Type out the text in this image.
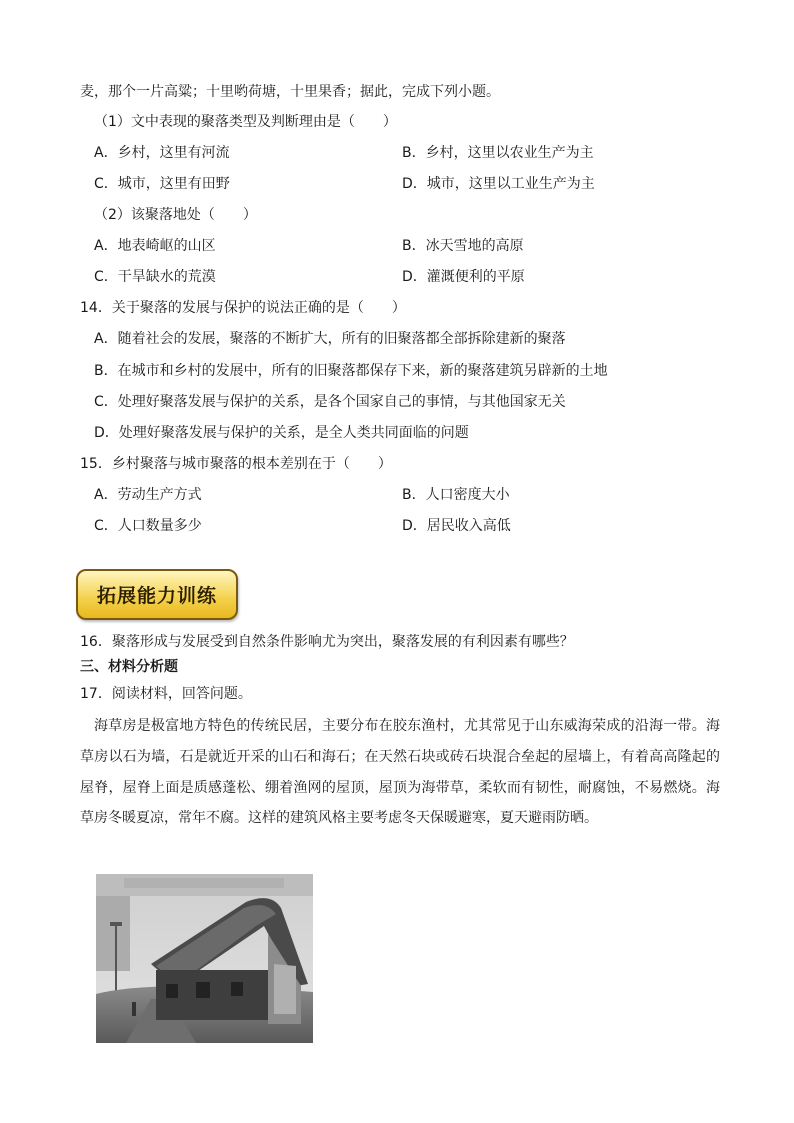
麦，那个一片高粱；十里哟荷塘，十里果香；据此，完成下列小题。
（1）文中表现的聚落类型及判断理由是（　　）
A．乡村，这里有河流	B．乡村，这里以农业生产为主
C．城市，这里有田野	D．城市，这里以工业生产为主
（2）该聚落地处（　　）
A．地表崎岖的山区	B．冰天雪地的高原
C．干旱缺水的荒漠	D．灌溉便利的平原
14．关于聚落的发展与保护的说法正确的是（　　）
A．随着社会的发展，聚落的不断扩大，所有的旧聚落都全部拆除建新的聚落
B．在城市和乡村的发展中，所有的旧聚落都保存下来，新的聚落建筑另辟新的土地
C．处理好聚落发展与保护的关系，是各个国家自己的事情，与其他国家无关
D．处理好聚落发展与保护的关系，是全人类共同面临的问题
15．乡村聚落与城市聚落的根本差别在于（　　）
A．劳动生产方式	B．人口密度大小
C．人口数量多少	D．居民收入高低
拓展能力训练
16．聚落形成与发展受到自然条件影响尤为突出，聚落发展的有利因素有哪些？
三、材料分析题
17．阅读材料，回答问题。
海草房是极富地方特色的传统民居，主要分布在胶东渔村，尤其常见于山东威海荣成的沿海一带。海草房以石为墙，石是就近开采的山石和海石；在天然石块或砖石块混合垒起的屋墙上，有着高高隆起的屋脊，屋脊上面是质感蓬松、绷着渔网的屋顶，屋顶为海带草，柔软而有韧性，耐腐蚀，不易燃烧。海草房冬暖夏凉，常年不腐。这样的建筑风格主要考虑冬天保暖避寒，夏天避雨防晒。
